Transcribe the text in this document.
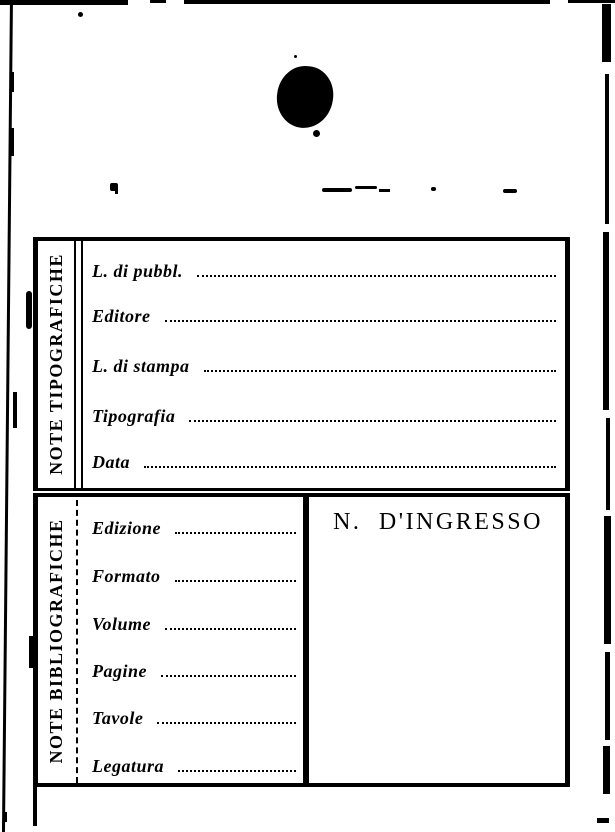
NOTE TIPOGRAFICHE	L. di pubbl.
Editore
L. di stampa
Tipografia
Data
NOTE BIBLIOGRAFICHE	Edizione
Formato
Volume
Pagine
Tavole
Legatura
N. D'INGRESSO
